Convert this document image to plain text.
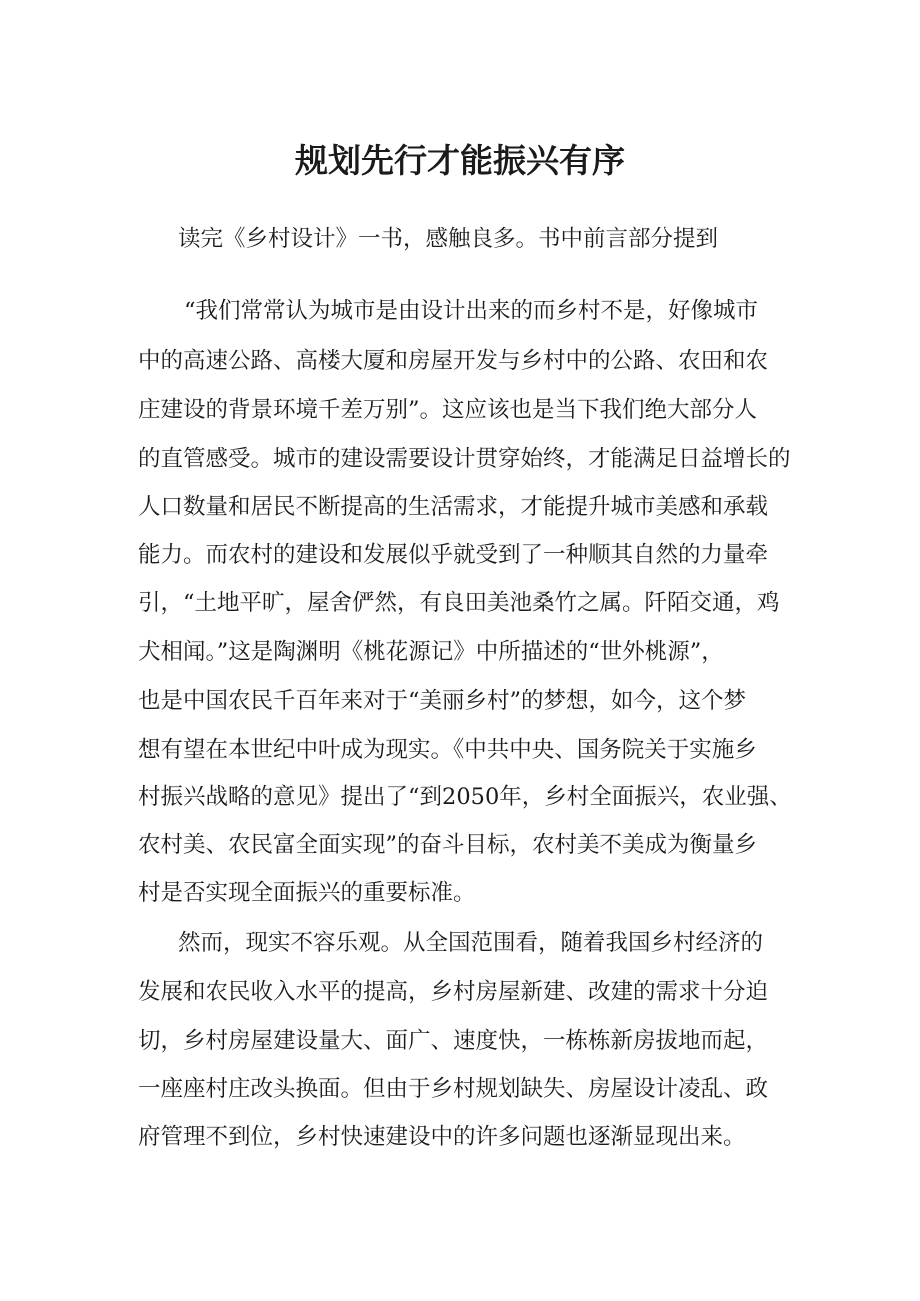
规划先行才能振兴有序
读完《乡村设计》一书，感触良多。书中前言部分提到
“我们常常认为城市是由设计出来的而乡村不是，好像城市
中的高速公路、高楼大厦和房屋开发与乡村中的公路、农田和农
庄建设的背景环境千差万别”。这应该也是当下我们绝大部分人
的直管感受。城市的建设需要设计贯穿始终，才能满足日益增长的
人口数量和居民不断提高的生活需求，才能提升城市美感和承载
能力。而农村的建设和发展似乎就受到了一种顺其自然的力量牵
引，“土地平旷，屋舍俨然，有良田美池桑竹之属。阡陌交通，鸡
犬相闻。”这是陶渊明《桃花源记》中所描述的“世外桃源”，
也是中国农民千百年来对于“美丽乡村”的梦想，如今，这个梦
想有望在本世纪中叶成为现实。《中共中央、国务院关于实施乡
村振兴战略的意见》提出了“到2050年，乡村全面振兴，农业强、
农村美、农民富全面实现”的奋斗目标，农村美不美成为衡量乡
村是否实现全面振兴的重要标准。
然而，现实不容乐观。从全国范围看，随着我国乡村经济的
发展和农民收入水平的提高，乡村房屋新建、改建的需求十分迫
切，乡村房屋建设量大、面广、速度快，一栋栋新房拔地而起，
一座座村庄改头换面。但由于乡村规划缺失、房屋设计凌乱、政
府管理不到位，乡村快速建设中的许多问题也逐渐显现出来。
